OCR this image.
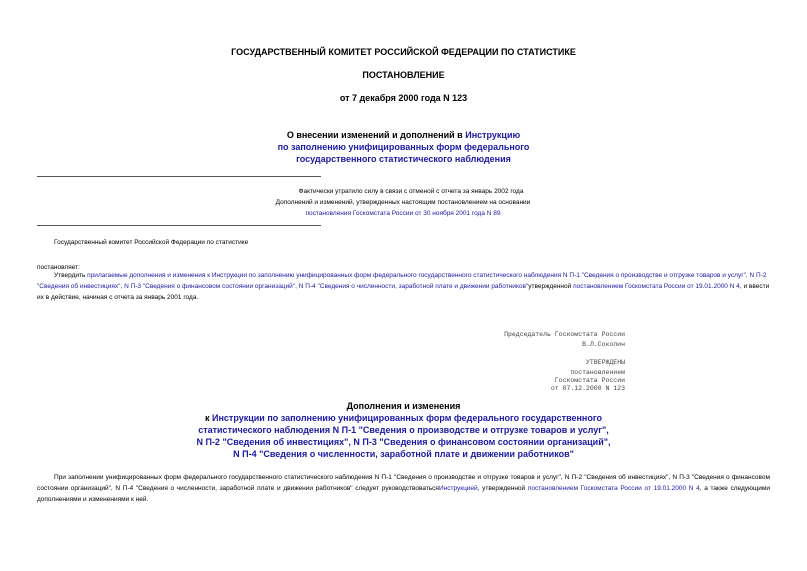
ГОСУДАРСТВЕННЫЙ КОМИТЕТ РОССИЙСКОЙ ФЕДЕРАЦИИ ПО СТАТИСТИКЕ
ПОСТАНОВЛЕНИЕ
от 7 декабря 2000 года N 123
О внесении изменений и дополнений в Инструкцию
по заполнению унифицированных форм федерального
государственного статистического наблюдения
Фактически утратило силу в связи с отменой с отчета за январь 2002 года
Дополнений и изменений, утвержденных настоящим постановлением на основании
постановления Госкомстата России от 30 ноября 2001 года N 89
Государственный комитет Российской Федерации по статистике
постановляет:
Утвердить прилагаемые дополнения и изменения к Инструкции по заполнению унифицированных форм федерального государственного статистического наблюдения N П-1 "Сведения о производстве и отгрузке товаров и услуг", N П-2 "Сведения об инвестициях", N П-3 "Сведения о финансовом состоянии организаций", N П-4 "Сведения о численности, заработной плате и движении работников"утвержденной постановлением Госкомстата России от 19.01.2000 N 4, и ввести их в действие, начиная с отчета за январь 2001 года.
Председатель Госкомстата России
В.Л.Соколин
УТВЕРЖДЕНЫ
постановлением
Госкомстата России
от 07.12.2000 N 123
Дополнения и изменения
к Инструкции по заполнению унифицированных форм федерального государственного
статистического наблюдения N П-1 "Сведения о производстве и отгрузке товаров и услуг",
N П-2 "Сведения об инвестициях", N П-3 "Сведения о финансовом состоянии организаций",
N П-4 "Сведения о численности, заработной плате и движении работников"
При заполнении унифицированных форм федерального государственного статистического наблюдения N П-1 "Сведения о производстве и отгрузке товаров и услуг", N П-2 "Сведения об инвестициях", N П-3 "Сведения о финансовом состоянии организаций", N П-4 "Сведения о численности, заработной плате и движении работников" следует руководствоватьсяИнструкцией, утвержденной постановлением Госкомстата России от 19.01.2000 N 4, а также следующими дополнениями и изменениями к ней.
